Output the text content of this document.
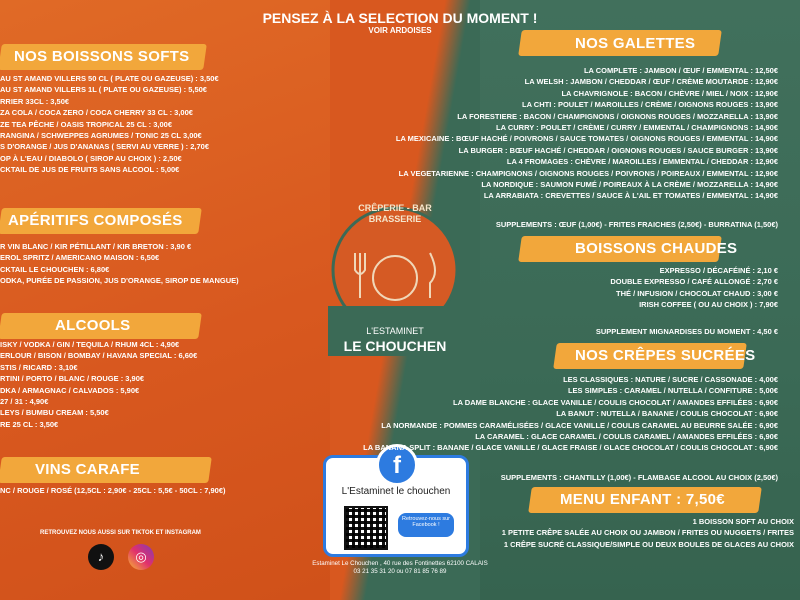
PENSEZ À LA SELECTION DU MOMENT !
VOIR ARDOISES
NOS BOISSONS SOFTS
AU ST AMAND VILLERS 50 CL ( PLATE OU GAZEUSE) : 3,50€
AU ST AMAND VILLERS 1L ( PLATE OU GAZEUSE) : 5,50€
RRIER 33CL : 3,50€
ZA COLA / COCA ZERO / COCA CHERRY 33 CL : 3,00€
ZE TEA PÊCHE / OASIS TROPICAL 25 CL : 3,00€
RANGINA / SCHWEPPES AGRUMES / TONIC 25 CL 3,00€
S D'ORANGE / JUS D'ANANAS ( SERVI AU VERRE ) : 2,70€
OP À L'EAU / DIABOLO ( SIROP AU CHOIX ) : 2,50€
CKTAIL DE JUS DE FRUITS SANS ALCOOL : 5,00€
APÉRITIFS COMPOSÉS
R VIN BLANC / KIR PÉTILLANT / KIR BRETON : 3,90 €
EROL SPRITZ / AMERICANO MAISON : 6,50€
CKTAIL LE CHOUCHEN : 6,80€
ODKA, PURÉE DE PASSION, JUS D'ORANGE, SIROP DE MANGUE)
ALCOOLS
ISKY / VODKA / GIN / TEQUILA / RHUM 4CL : 4,90€
ERLOUR / BISON / BOMBAY / HAVANA SPECIAL : 6,60€
STIS / RICARD : 3,10€
RTINI / PORTO / BLANC / ROUGE : 3,90€
DKA / ARMAGNAC / CALVADOS : 5,90€
27 / 31 : 4,90€
LEYS / BUMBU CREAM : 5,50€
RE 25 CL : 3,50€
VINS CARAFE
NC / ROUGE / ROSÉ (12,5CL : 2,90€ - 25CL : 5,5€ - 50CL : 7,90€)
RETROUVEZ NOUS AUSSI SUR TIKTOK ET INSTAGRAM
♪	◎
CRÊPERIE - BAR
BRASSERIE
L'ESTAMINET
LE CHOUCHEN
f
L'Estaminet le chouchen
Retrouvez-nous sur Facebook !
Estaminet Le Chouchen , 40 rue des Fontinettes 62100 CALAIS
03 21 35 31 20 ou 07 81 85 76 89
NOS GALETTES
LA COMPLETE : JAMBON / ŒUF / EMMENTAL : 12,50€
LA WELSH : JAMBON / CHEDDAR / ŒUF / CRÈME MOUTARDE : 12,90€
LA CHAVRIGNOLE : BACON / CHÈVRE / MIEL / NOIX : 12,90€
LA CHTI : POULET / MAROILLES / CRÈME / OIGNONS ROUGES : 13,90€
LA FORESTIERE : BACON / CHAMPIGNONS / OIGNONS ROUGES / MOZZARELLA : 13,90€
LA CURRY : POULET / CRÈME / CURRY / EMMENTAL / CHAMPIGNONS : 14,90€
LA MEXICAINE : BŒUF HACHÉ / POIVRONS / SAUCE TOMATES / OIGNONS ROUGES / EMMENTAL : 14,90€
LA BURGER : BŒUF HACHÉ / CHEDDAR / OIGNONS ROUGES / SAUCE BURGER : 13,90€
LA 4 FROMAGES : CHÈVRE / MAROILLES / EMMENTAL / CHEDDAR : 12,90€
LA VEGETARIENNE : CHAMPIGNONS / OIGNONS ROUGES / POIVRONS / POIREAUX / EMMENTAL : 12,90€
LA NORDIQUE : SAUMON FUMÉ / POIREAUX À LA CRÈME / MOZZARELLA : 14,90€
LA ARRABIATA : CREVETTES / SAUCE À L'AIL ET TOMATES / EMMENTAL : 14,90€
SUPPLEMENTS : ŒUF (1,00€) - FRITES FRAICHES (2,50€) - BURRATINA (1,50€)
BOISSONS CHAUDES
EXPRESSO / DÉCAFÉINÉ : 2,10 €
DOUBLE EXPRESSO / CAFÉ ALLONGÉ : 2,70 €
THÉ / INFUSION / CHOCOLAT CHAUD : 3,00 €
IRISH COFFEE ( OU AU CHOIX ) : 7,90€
SUPPLEMENT MIGNARDISES DU MOMENT : 4,50 €
NOS CRÊPES SUCRÉES
LES CLASSIQUES : NATURE / SUCRE / CASSONADE : 4,00€
LES SIMPLES : CARAMEL / NUTELLA / CONFITURE : 5,00€
LA DAME BLANCHE : GLACE VANILLE / COULIS CHOCOLAT / AMANDES EFFILÉES : 6,90€
LA BANUT : NUTELLA / BANANE / COULIS CHOCOLAT : 6,90€
LA NORMANDE : POMMES CARAMÉLISÉES / GLACE VANILLE / COULIS CARAMEL AU BEURRE SALÉE : 6,90€
LA CARAMEL : GLACE CARAMEL / COULIS CARAMEL / AMANDES EFFILÉES : 6,90€
LA BANANA SPLIT : BANANE / GLACE VANILLE / GLACE FRAISE / GLACE CHOCOLAT / COULIS CHOCOLAT : 6,90€
SUPPLEMENTS : CHANTILLY (1,00€) - FLAMBAGE ALCOOL AU CHOIX (2,50€)
MENU ENFANT : 7,50€
1 BOISSON SOFT AU CHOIX
1 PETITE CRÊPE SALÉE AU CHOIX OU JAMBON / FRITES OU NUGGETS / FRITES
1 CRÊPE SUCRÉ CLASSIQUE/SIMPLE OU DEUX BOULES DE GLACES AU CHOIX
